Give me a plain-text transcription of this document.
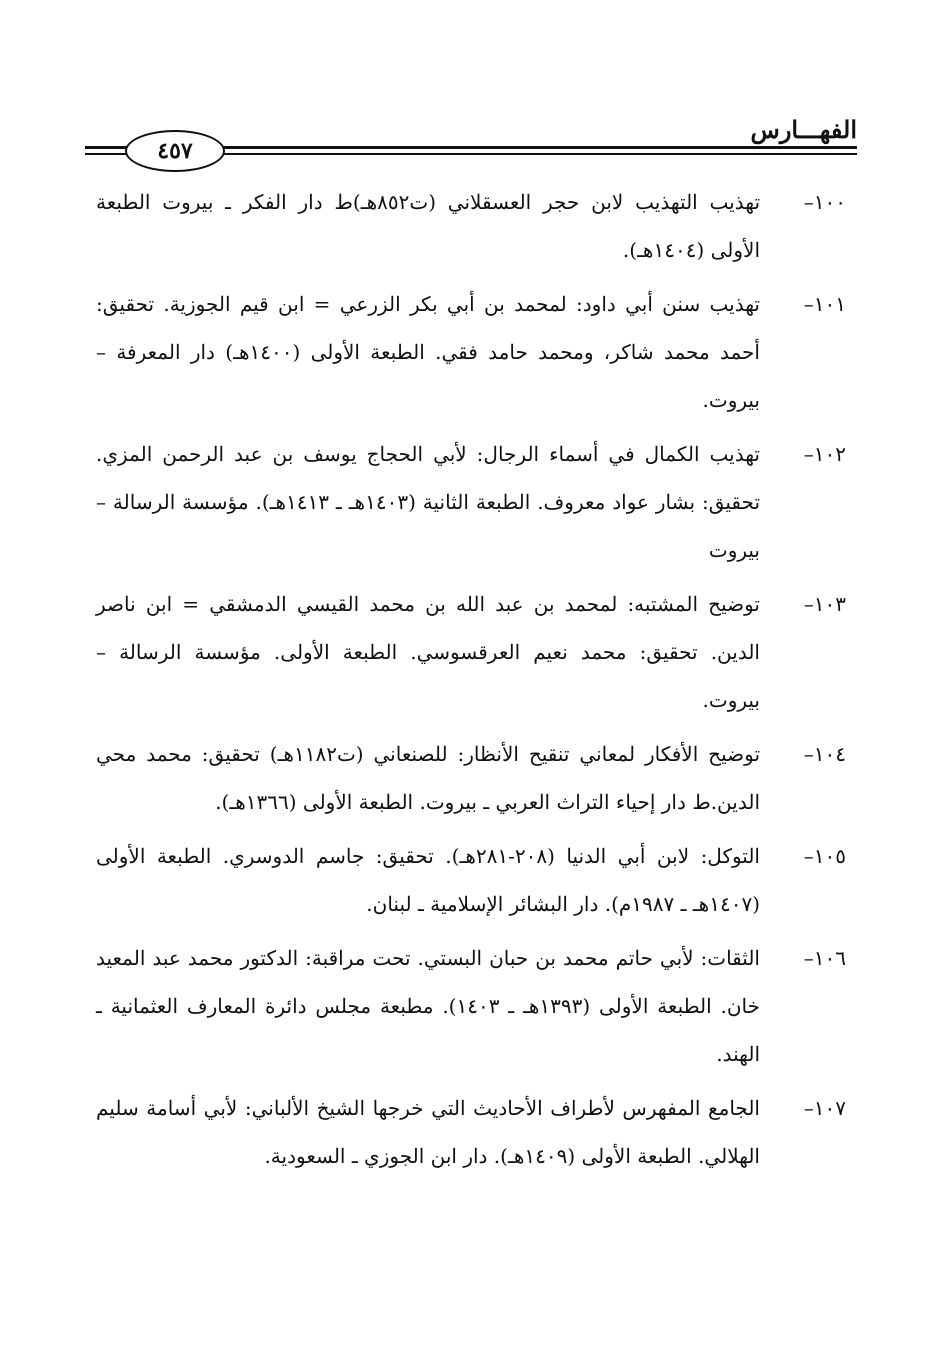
٤٥٧
الفهـــارس
١٠٠–
تهذيب التهذيب لابن حجر العسقلاني (ت٨٥٢هـ)ط دار الفكر ـ بيروت الطبعة الأولى (١٤٠٤هـ).
١٠١–
تهذيب سنن أبي داود: لمحمد بن أبي بكر الزرعي = ابن قيم الجوزية. تحقيق: أحمد محمد شاكر، ومحمد حامد فقي. الطبعة الأولى (١٤٠٠هـ) دار المعرفة – بيروت.
١٠٢–
تهذيب الكمال في أسماء الرجال: لأبي الحجاج يوسف بن عبد الرحمن المزي. تحقيق: بشار عواد معروف. الطبعة الثانية (١٤٠٣هـ ـ ١٤١٣هـ). مؤسسة الرسالة –بيروت
١٠٣–
توضيح المشتبه: لمحمد بن عبد الله بن محمد القيسي الدمشقي = ابن ناصر الدين. تحقيق: محمد نعيم العرقسوسي. الطبعة الأولى. مؤسسة الرسالة – بيروت.
١٠٤–
توضيح الأفكار لمعاني تنقيح الأنظار: للصنعاني (ت١١٨٢هـ) تحقيق: محمد محي الدين.ط دار إحياء التراث العربي ـ بيروت. الطبعة الأولى (١٣٦٦هـ).
١٠٥–
التوكل: لابن أبي الدنيا (٢٠٨-٢٨١هـ). تحقيق: جاسم الدوسري. الطبعة الأولى (١٤٠٧هـ ـ ١٩٨٧م). دار البشائر الإسلامية ـ لبنان.
١٠٦–
الثقات: لأبي حاتم محمد بن حبان البستي. تحت مراقبة: الدكتور محمد عبد المعيد خان. الطبعة الأولى (١٣٩٣هـ ـ ١٤٠٣). مطبعة مجلس دائرة المعارف العثمانية ـ الهند.
١٠٧–
الجامع المفهرس لأطراف الأحاديث التي خرجها الشيخ الألباني: لأبي أسامة سليم الهلالي. الطبعة الأولى (١٤٠٩هـ). دار ابن الجوزي ـ السعودية.
